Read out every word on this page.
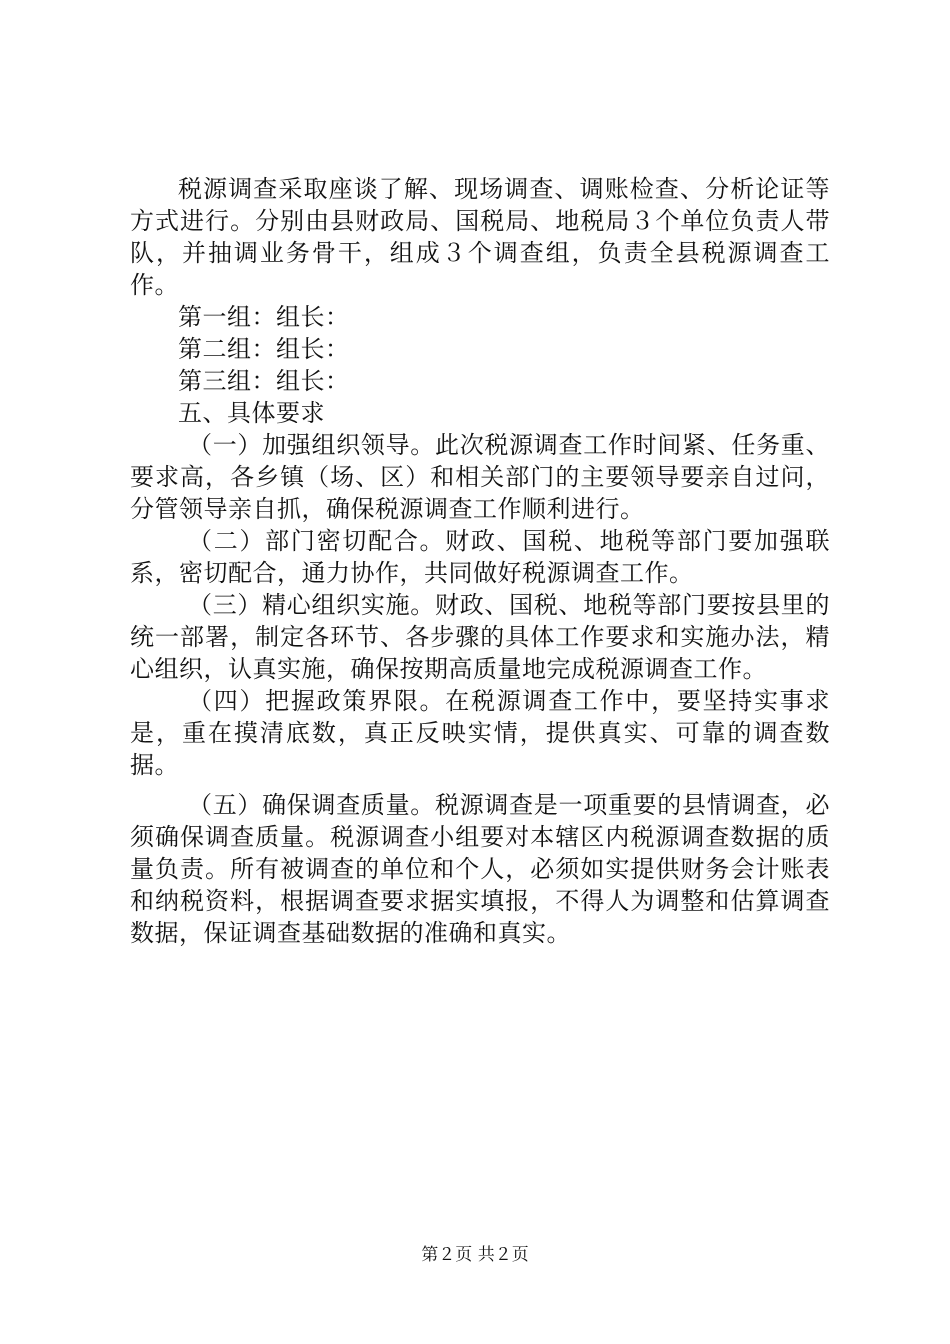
税源调查采取座谈了解、现场调查、调账检查、分析论证等方式进行。分别由县财政局、国税局、地税局３个单位负责人带队，并抽调业务骨干，组成３个调查组，负责全县税源调查工作。

第一组：组长：

第二组：组长：

第三组：组长：

五、具体要求

（一）加强组织领导。此次税源调查工作时间紧、任务重、要求高，各乡镇（场、区）和相关部门的主要领导要亲自过问，分管领导亲自抓，确保税源调查工作顺利进行。

（二）部门密切配合。财政、国税、地税等部门要加强联系，密切配合，通力协作，共同做好税源调查工作。

（三）精心组织实施。财政、国税、地税等部门要按县里的统一部署，制定各环节、各步骤的具体工作要求和实施办法，精心组织，认真实施，确保按期高质量地完成税源调查工作。

（四）把握政策界限。在税源调查工作中，要坚持实事求是，重在摸清底数，真正反映实情，提供真实、可靠的调查数据。

（五）确保调查质量。税源调查是一项重要的县情调查，必须确保调查质量。税源调查小组要对本辖区内税源调查数据的质量负责。所有被调查的单位和个人，必须如实提供财务会计账表和纳税资料，根据调查要求据实填报，不得人为调整和估算调查数据，保证调查基础数据的准确和真实。

第２页 共２页
